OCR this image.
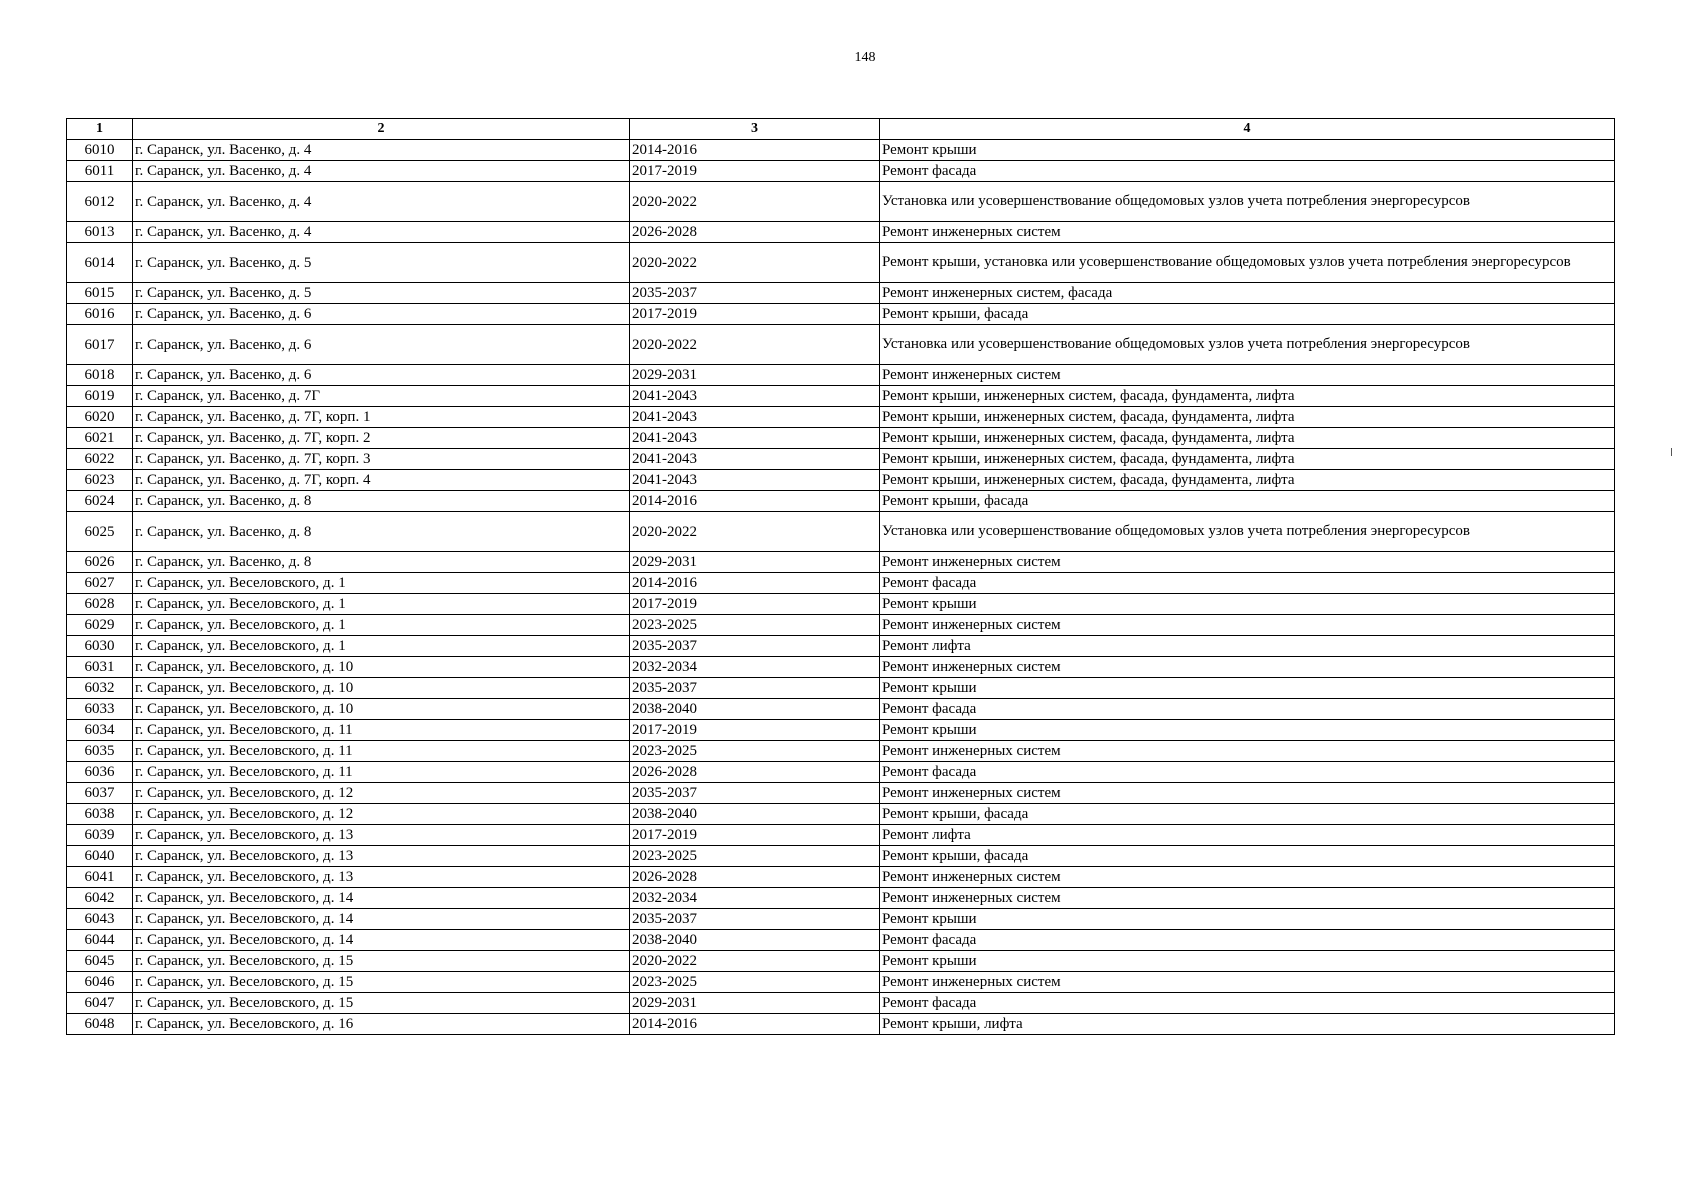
148
1	2	3	4
6010	г. Саранск, ул. Васенко, д. 4	2014-2016	Ремонт крыши
6011	г. Саранск, ул. Васенко, д. 4	2017-2019	Ремонт фасада
6012	г. Саранск, ул. Васенко, д. 4	2020-2022	Установка или усовершенствование общедомовых узлов учета потребления энергоресурсов
6013	г. Саранск, ул. Васенко, д. 4	2026-2028	Ремонт инженерных систем
6014	г. Саранск, ул. Васенко, д. 5	2020-2022	Ремонт крыши, установка или усовершенствование общедомовых узлов учета потребления энергоресурсов
6015	г. Саранск, ул. Васенко, д. 5	2035-2037	Ремонт инженерных систем, фасада
6016	г. Саранск, ул. Васенко, д. 6	2017-2019	Ремонт крыши, фасада
6017	г. Саранск, ул. Васенко, д. 6	2020-2022	Установка или усовершенствование общедомовых узлов учета потребления энергоресурсов
6018	г. Саранск, ул. Васенко, д. 6	2029-2031	Ремонт инженерных систем
6019	г. Саранск, ул. Васенко, д. 7Г	2041-2043	Ремонт крыши, инженерных систем, фасада, фундамента, лифта
6020	г. Саранск, ул. Васенко, д. 7Г, корп. 1	2041-2043	Ремонт крыши, инженерных систем, фасада, фундамента, лифта
6021	г. Саранск, ул. Васенко, д. 7Г, корп. 2	2041-2043	Ремонт крыши, инженерных систем, фасада, фундамента, лифта
6022	г. Саранск, ул. Васенко, д. 7Г, корп. 3	2041-2043	Ремонт крыши, инженерных систем, фасада, фундамента, лифта
6023	г. Саранск, ул. Васенко, д. 7Г, корп. 4	2041-2043	Ремонт крыши, инженерных систем, фасада, фундамента, лифта
6024	г. Саранск, ул. Васенко, д. 8	2014-2016	Ремонт крыши, фасада
6025	г. Саранск, ул. Васенко, д. 8	2020-2022	Установка или усовершенствование общедомовых узлов учета потребления энергоресурсов
6026	г. Саранск, ул. Васенко, д. 8	2029-2031	Ремонт инженерных систем
6027	г. Саранск, ул. Веселовского, д. 1	2014-2016	Ремонт фасада
6028	г. Саранск, ул. Веселовского, д. 1	2017-2019	Ремонт крыши
6029	г. Саранск, ул. Веселовского, д. 1	2023-2025	Ремонт инженерных систем
6030	г. Саранск, ул. Веселовского, д. 1	2035-2037	Ремонт лифта
6031	г. Саранск, ул. Веселовского, д. 10	2032-2034	Ремонт инженерных систем
6032	г. Саранск, ул. Веселовского, д. 10	2035-2037	Ремонт крыши
6033	г. Саранск, ул. Веселовского, д. 10	2038-2040	Ремонт фасада
6034	г. Саранск, ул. Веселовского, д. 11	2017-2019	Ремонт крыши
6035	г. Саранск, ул. Веселовского, д. 11	2023-2025	Ремонт инженерных систем
6036	г. Саранск, ул. Веселовского, д. 11	2026-2028	Ремонт фасада
6037	г. Саранск, ул. Веселовского, д. 12	2035-2037	Ремонт инженерных систем
6038	г. Саранск, ул. Веселовского, д. 12	2038-2040	Ремонт крыши, фасада
6039	г. Саранск, ул. Веселовского, д. 13	2017-2019	Ремонт лифта
6040	г. Саранск, ул. Веселовского, д. 13	2023-2025	Ремонт крыши, фасада
6041	г. Саранск, ул. Веселовского, д. 13	2026-2028	Ремонт инженерных систем
6042	г. Саранск, ул. Веселовского, д. 14	2032-2034	Ремонт инженерных систем
6043	г. Саранск, ул. Веселовского, д. 14	2035-2037	Ремонт крыши
6044	г. Саранск, ул. Веселовского, д. 14	2038-2040	Ремонт фасада
6045	г. Саранск, ул. Веселовского, д. 15	2020-2022	Ремонт крыши
6046	г. Саранск, ул. Веселовского, д. 15	2023-2025	Ремонт инженерных систем
6047	г. Саранск, ул. Веселовского, д. 15	2029-2031	Ремонт фасада
6048	г. Саранск, ул. Веселовского, д. 16	2014-2016	Ремонт крыши, лифта
